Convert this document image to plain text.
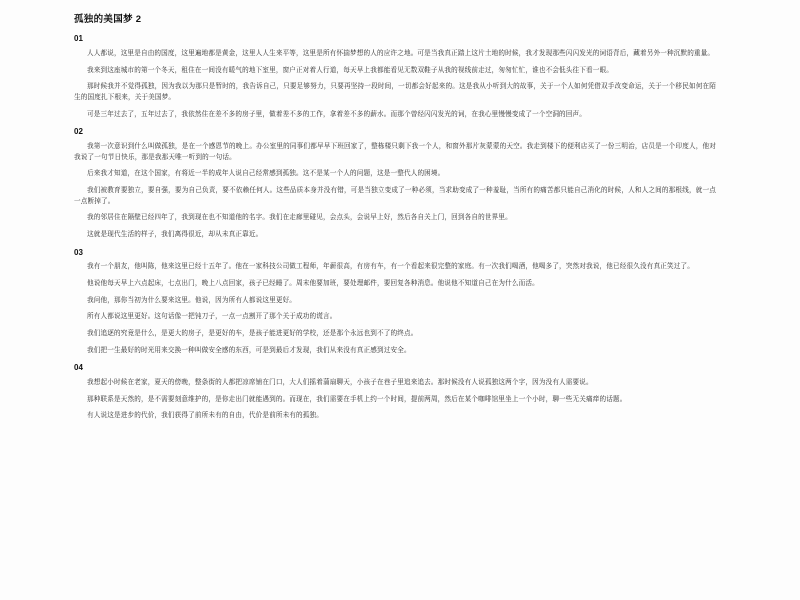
孤独的美国梦 2
01

人人都说，这里是自由的国度，这里遍地都是黄金，这里人人生来平等，这里是所有怀揣梦想的人的应许之地。可是当我真正踏上这片土地的时候，我才发现那些闪闪发光的词语背后，藏着另外一种沉默的重量。

我来到这座城市的第一个冬天，租住在一间没有暖气的地下室里，窗户正对着人行道，每天早上我都能看见无数双鞋子从我的视线前走过，匆匆忙忙，谁也不会低头往下看一眼。

那时候我并不觉得孤独，因为我以为那只是暂时的，我告诉自己，只要足够努力，只要再坚持一段时间，一切都会好起来的。这是我从小听到大的故事，关于一个人如何凭借双手改变命运，关于一个移民如何在陌生的国度扎下根来，关于美国梦。

可是三年过去了，五年过去了，我依然住在差不多的房子里，做着差不多的工作，拿着差不多的薪水。而那个曾经闪闪发光的词，在我心里慢慢变成了一个空洞的回声。

02

我第一次意识到什么叫做孤独，是在一个感恩节的晚上。办公室里的同事们都早早下班回家了，整栋楼只剩下我一个人，和窗外那片灰蒙蒙的天空。我走到楼下的便利店买了一份三明治，店员是一个印度人，他对我说了一句节日快乐，那是我那天唯一听到的一句话。

后来我才知道，在这个国家，有将近一半的成年人说自己经常感到孤独。这不是某一个人的问题，这是一整代人的困境。

我们被教育要独立，要自强，要为自己负责，要不依赖任何人。这些品质本身并没有错，可是当独立变成了一种必须，当求助变成了一种羞耻，当所有的痛苦都只能自己消化的时候，人和人之间的那根线，就一点一点断掉了。

我的邻居住在隔壁已经四年了，我到现在也不知道他的名字。我们在走廊里碰见，会点头，会说早上好，然后各自关上门，回到各自的世界里。

这就是现代生活的样子，我们离得很近，却从未真正靠近。

03

我有一个朋友，他叫陈，他来这里已经十五年了。他在一家科技公司做工程师，年薪很高，有房有车，有一个看起来很完整的家庭。有一次我们喝酒，他喝多了，突然对我说，他已经很久没有真正笑过了。

他说他每天早上六点起床，七点出门，晚上八点回家，孩子已经睡了。周末他要加班，要处理邮件，要回复各种消息。他说他不知道自己在为什么而活。

我问他，那你当初为什么要来这里。他说，因为所有人都说这里更好。

所有人都说这里更好。这句话像一把钝刀子，一点一点割开了那个关于成功的谎言。

我们追逐的究竟是什么，是更大的房子，是更好的车，是孩子能进更好的学校，还是那个永远也到不了的终点。

我们把一生最好的时光用来交换一种叫做安全感的东西，可是到最后才发现，我们从来没有真正感到过安全。

04

我想起小时候在老家，夏天的傍晚，整条街的人都把凉席铺在门口，大人们摇着蒲扇聊天，小孩子在巷子里追来追去。那时候没有人说孤独这两个字，因为没有人需要说。

那种联系是天然的，是不需要刻意维护的，是你走出门就能遇到的。而现在，我们需要在手机上约一个时间，提前两周，然后在某个咖啡馆里坐上一个小时，聊一些无关痛痒的话题。

有人说这是进步的代价，我们获得了前所未有的自由，代价是前所未有的孤独。
